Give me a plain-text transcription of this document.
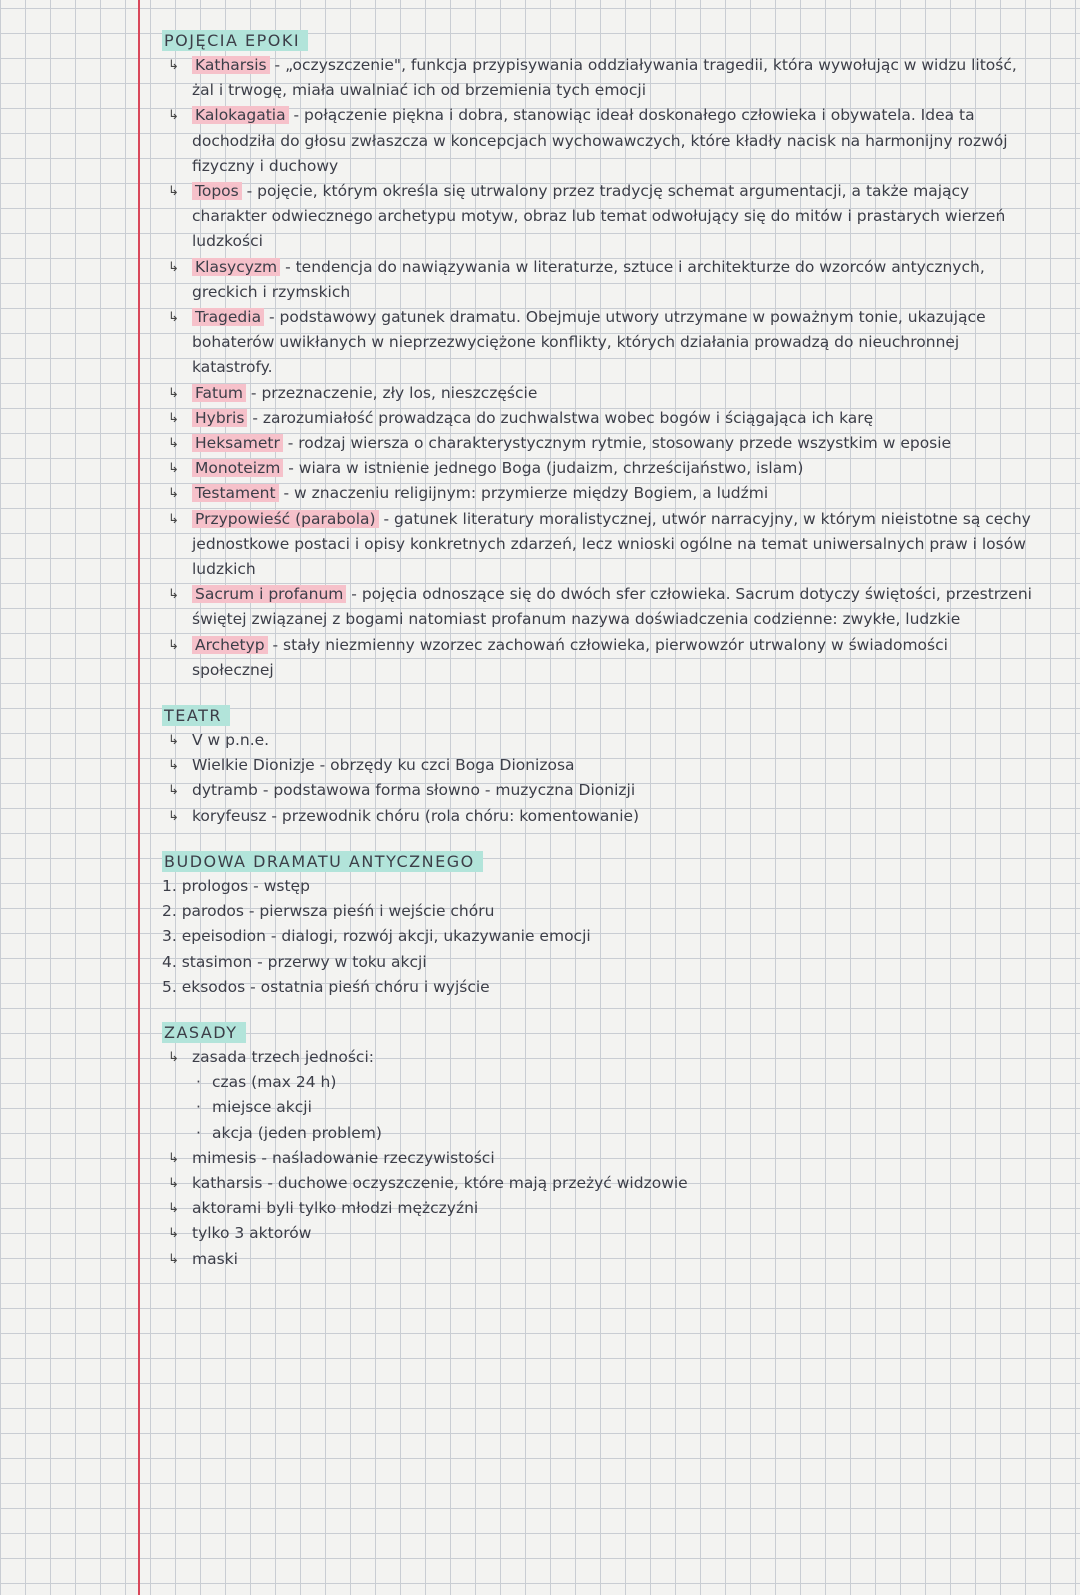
POJĘCIA EPOKI
↳ Katharsis - „oczyszczenie", funkcja przypisywania oddziaływania tragedii, która wywołując w widzu litość, żal i trwogę, miała uwalniać ich od brzemienia tych emocji
↳ Kalokagatia - połączenie piękna i dobra, stanowiąc ideał doskonałego człowieka i obywatela. Idea ta dochodziła do głosu zwłaszcza w koncepcjach wychowawczych, które kładły nacisk na harmonijny rozwój fizyczny i duchowy
↳ Topos - pojęcie, którym określa się utrwalony przez tradycję schemat argumentacji, a także mający charakter odwiecznego archetypu motyw, obraz lub temat odwołujący się do mitów i prastarych wierzeń ludzkości
↳ Klasycyzm - tendencja do nawiązywania w literaturze, sztuce i architekturze do wzorców antycznych, greckich i rzymskich
↳ Tragedia - podstawowy gatunek dramatu. Obejmuje utwory utrzymane w poważnym tonie, ukazujące bohaterów uwikłanych w nieprzezwyciężone konflikty, których działania prowadzą do nieuchronnej katastrofy.
↳ Fatum - przeznaczenie, zły los, nieszczęście
↳ Hybris - zarozumiałość prowadząca do zuchwalstwa wobec bogów i ściągająca ich karę
↳ Heksametr - rodzaj wiersza o charakterystycznym rytmie, stosowany przede wszystkim w eposie
↳ Monoteizm - wiara w istnienie jednego Boga (judaizm, chrześcijaństwo, islam)
↳ Testament - w znaczeniu religijnym: przymierze między Bogiem, a ludźmi
↳ Przypowieść (parabola) - gatunek literatury moralistycznej, utwór narracyjny, w którym nieistotne są cechy jednostkowe postaci i opisy konkretnych zdarzeń, lecz wnioski ogólne na temat uniwersalnych praw i losów ludzkich
↳ Sacrum i profanum - pojęcia odnoszące się do dwóch sfer człowieka. Sacrum dotyczy świętości, przestrzeni świętej związanej z bogami natomiast profanum nazywa doświadczenia codzienne: zwykłe, ludzkie
↳ Archetyp - stały niezmienny wzorzec zachowań człowieka, pierwowzór utrwalony w świadomości społecznej
TEATR
↳ V w p.n.e.
↳ Wielkie Dionizje - obrzędy ku czci Boga Dionizosa
↳ dytramb - podstawowa forma słowno - muzyczna Dionizji
↳ koryfeusz - przewodnik chóru (rola chóru: komentowanie)
BUDOWA DRAMATU ANTYCZNEGO
1. prologos - wstęp
2. parodos - pierwsza pieśń i wejście chóru
3. epeisodion - dialogi, rozwój akcji, ukazywanie emocji
4. stasimon - przerwy w toku akcji
5. eksodos - ostatnia pieśń chóru i wyjście
ZASADY
↳ zasada trzech jedności:
· czas (max 24 h)
· miejsce akcji
· akcja (jeden problem)
↳ mimesis - naśladowanie rzeczywistości
↳ katharsis - duchowe oczyszczenie, które mają przeżyć widzowie
↳ aktorami byli tylko młodzi mężczyźni
↳ tylko 3 aktorów
↳ maski
